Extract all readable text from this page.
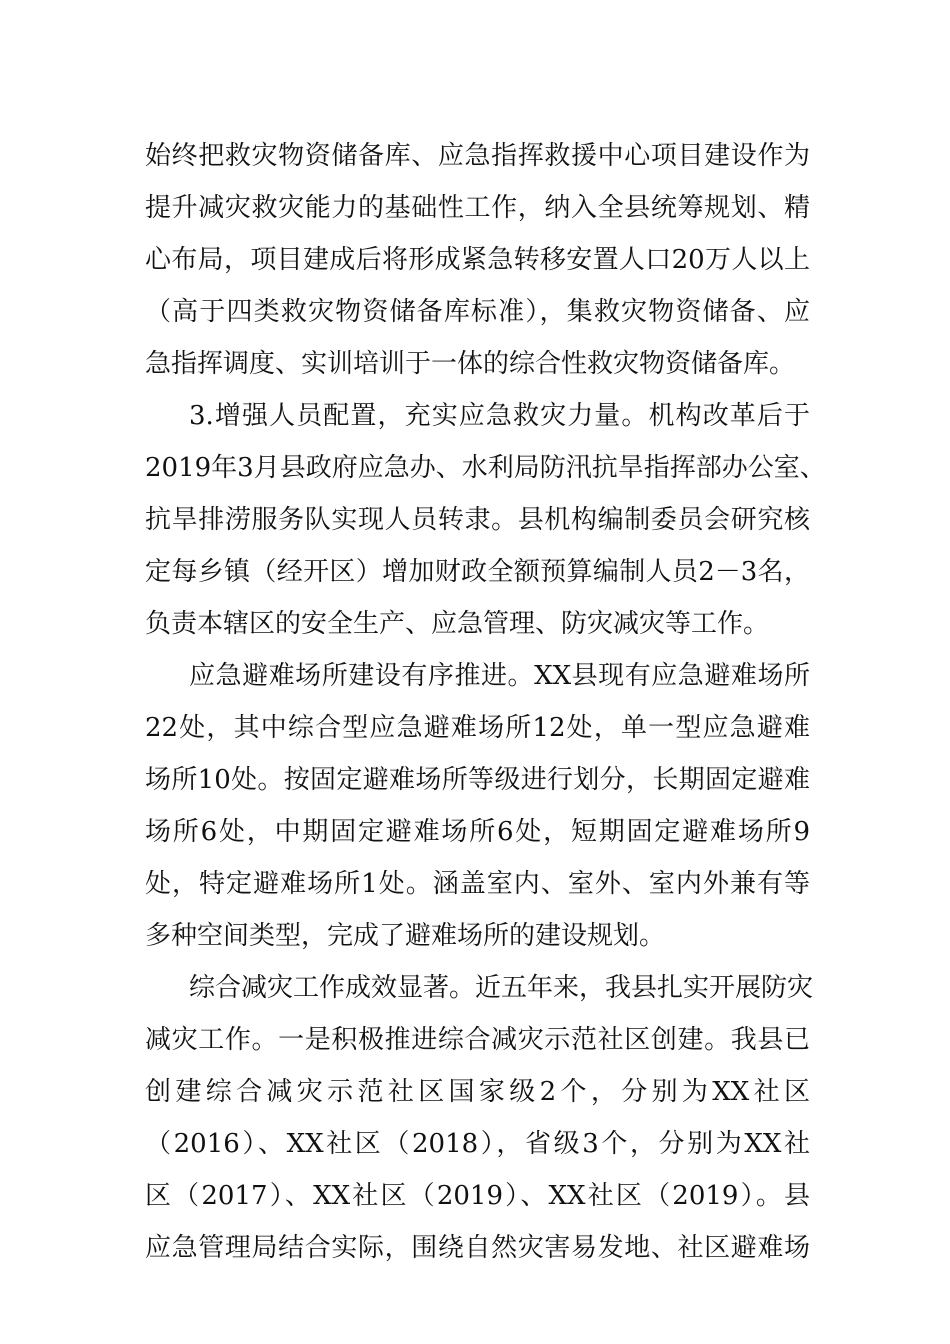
始终把救灾物资储备库、应急指挥救援中心项目建设作为
提升减灾救灾能力的基础性工作，纳入全县统筹规划、精
心布局，项目建成后将形成紧急转移安置人口20万人以上
（高于四类救灾物资储备库标准），集救灾物资储备、应
急指挥调度、实训培训于一体的综合性救灾物资储备库。
3.增强人员配置，充实应急救灾力量。机构改革后于
2019年3月县政府应急办、水利局防汛抗旱指挥部办公室、
抗旱排涝服务队实现人员转隶。县机构编制委员会研究核
定每乡镇（经开区）增加财政全额预算编制人员2－3名，
负责本辖区的安全生产、应急管理、防灾减灾等工作。
应急避难场所建设有序推进。XX县现有应急避难场所
22处，其中综合型应急避难场所12处，单一型应急避难
场所10处。按固定避难场所等级进行划分，长期固定避难
场所6处，中期固定避难场所6处，短期固定避难场所9
处，特定避难场所1处。涵盖室内、室外、室内外兼有等
多种空间类型，完成了避难场所的建设规划。
综合减灾工作成效显著。近五年来，我县扎实开展防灾
减灾工作。一是积极推进综合减灾示范社区创建。我县已
创建综合减灾示范社区国家级2个，分别为XX社区
（2016）、XX社区（2018），省级3个，分别为XX社
区（2017）、XX社区（2019）、XX社区（2019）。县
应急管理局结合实际，围绕自然灾害易发地、社区避难场
